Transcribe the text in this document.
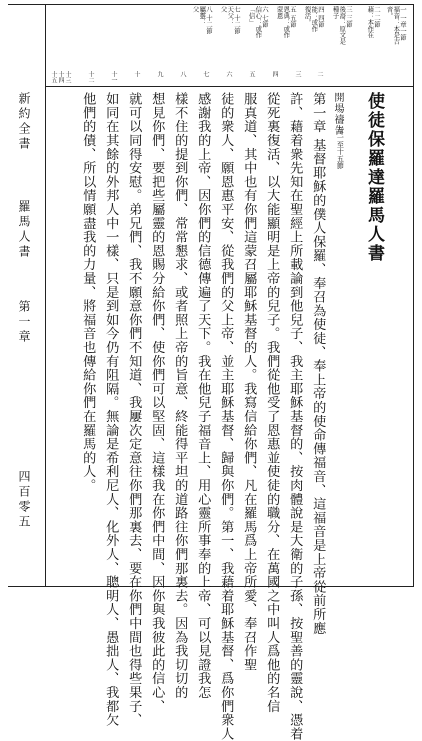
一 一章一節
福音：本是吉
音。
二 二節
藉：本作在
三 三節
後裔：原文是
種子
四 四節
能：或作
復活。
五 五節
恩典：或作
蒙恩
六 七節
信心：或作
「信」
七 十二節
天父：
父
八 十二節
屬靈：
父
使徒保羅達羅馬人書
一章一至十五節
開場禱告
第一章 基督耶穌的僕人保羅、奉召為使徒、奉上帝的使命傳福音、這福音是上帝從前所應
許、藉着衆先知在聖經上所載論到他兒子、我主耶穌基督的、按肉體說是大衛的子孫、按聖善的靈說、憑着
從死裏復活、以大能顯明是上帝的兒子。我們從他受了恩惠並使徒的職分、在萬國之中叫人爲他的名信
服真道、其中也有你們這蒙召屬耶穌基督的人。我寫信給你們、凡在羅馬爲上帝所愛、奉召作聖
徒的衆人、願恩惠平安、從我們的父上帝、並主耶穌基督、歸與你們。第一、我藉着耶穌基督、爲你們衆人
感謝我的上帝、因你們的信德傳遍了天下。我在他兒子福音上、用心靈所事奉的上帝、可以見證我怎
樣不住的提到你們、常常懇求、或者照上帝的旨意、終能得平坦的道路往你們那裏去。因為我切切的
想見你們、要把些屬靈的恩賜分給你們、使你們可以堅固、這樣我在你們中間、因你與我彼此的信心、
就可以同得安慰。弟兄們、我不願意你們不知道、我屢次定意往你們那裏去、要在你們中間也得些果子、
如同在其餘的外邦人中一樣、只是到如今仍有阻隔。無論是希利尼人、化外人、聰明人、愚拙人、我都欠
他們的債、所以情願盡我的力量、將福音也傳給你們在羅馬的人。
二
三
四
五
六
七
八
九
十
十一
十二
十三
十四
十五
新約全書
羅馬人書
第一章
四百零五
